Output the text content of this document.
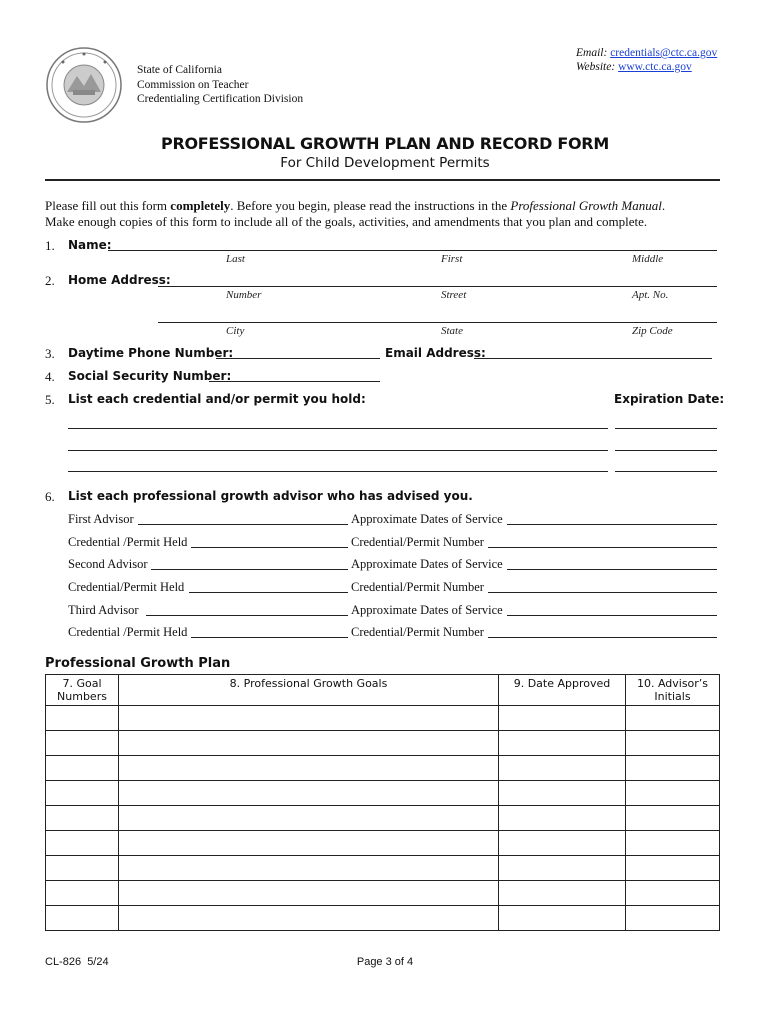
State of California
Commission on Teacher
Credentialing Certification Division
Email: credentials@ctc.ca.gov
Website: www.ctc.ca.gov
PROFESSIONAL GROWTH PLAN AND RECORD FORM
For Child Development Permits
Please fill out this form completely. Before you begin, please read the instructions in the Professional Growth Manual.
Make enough copies of this form to include all of the goals, activities, and amendments that you plan and complete.
1. Name:
Last	First	Middle
2. Home Address:
Number	Street	Apt. No.
City	State	Zip Code
3. Daytime Phone Number:	Email Address:
4. Social Security Number:
5. List each credential and/or permit you hold:	Expiration Date:
6. List each professional growth advisor who has advised you.
First Advisor	Approximate Dates of Service
Credential /Permit Held	Credential/Permit Number
Second Advisor	Approximate Dates of Service
Credential/Permit Held	Credential/Permit Number
Third Advisor	Approximate Dates of Service
Credential /Permit Held	Credential/Permit Number
Professional Growth Plan
7. Goal Numbers	8. Professional Growth Goals	9. Date Approved	10. Advisor’s Initials

CL-826  5/24	Page 3 of 4
